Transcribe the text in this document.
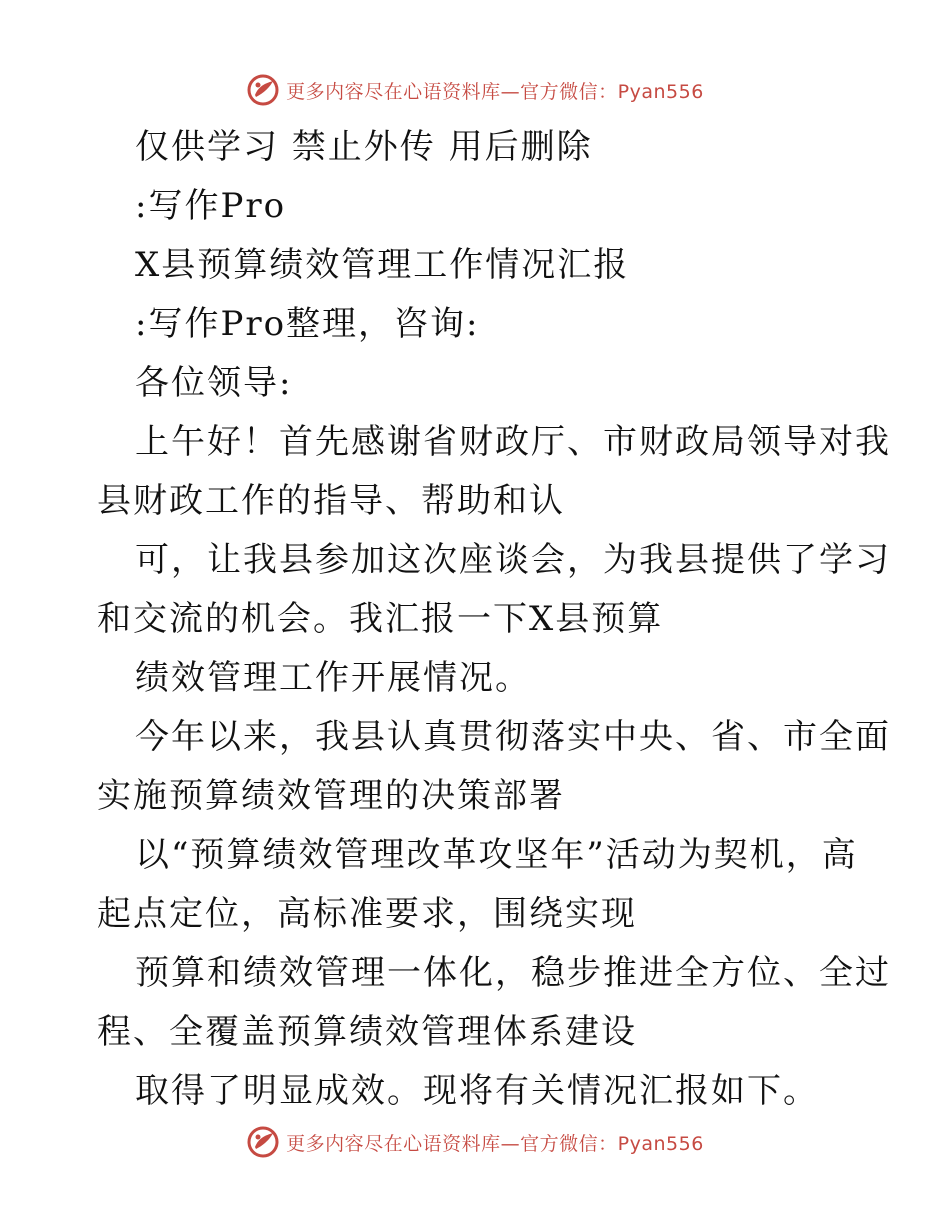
更多内容尽在心语资料库—官方微信：Pyan556
仅供学习 禁止外传 用后删除
:写作Pro
X县预算绩效管理工作情况汇报
:写作Pro整理，咨询:
各位领导:
上午好！首先感谢省财政厅、市财政局领导对我
县财政工作的指导、帮助和认
可，让我县参加这次座谈会，为我县提供了学习
和交流的机会。我汇报一下X县预算
绩效管理工作开展情况。
今年以来，我县认真贯彻落实中央、省、市全面
实施预算绩效管理的决策部署
以“预算绩效管理改革攻坚年”活动为契机，高
起点定位，高标准要求，围绕实现
预算和绩效管理一体化，稳步推进全方位、全过
程、全覆盖预算绩效管理体系建设
取得了明显成效。现将有关情况汇报如下。
更多内容尽在心语资料库—官方微信：Pyan556
